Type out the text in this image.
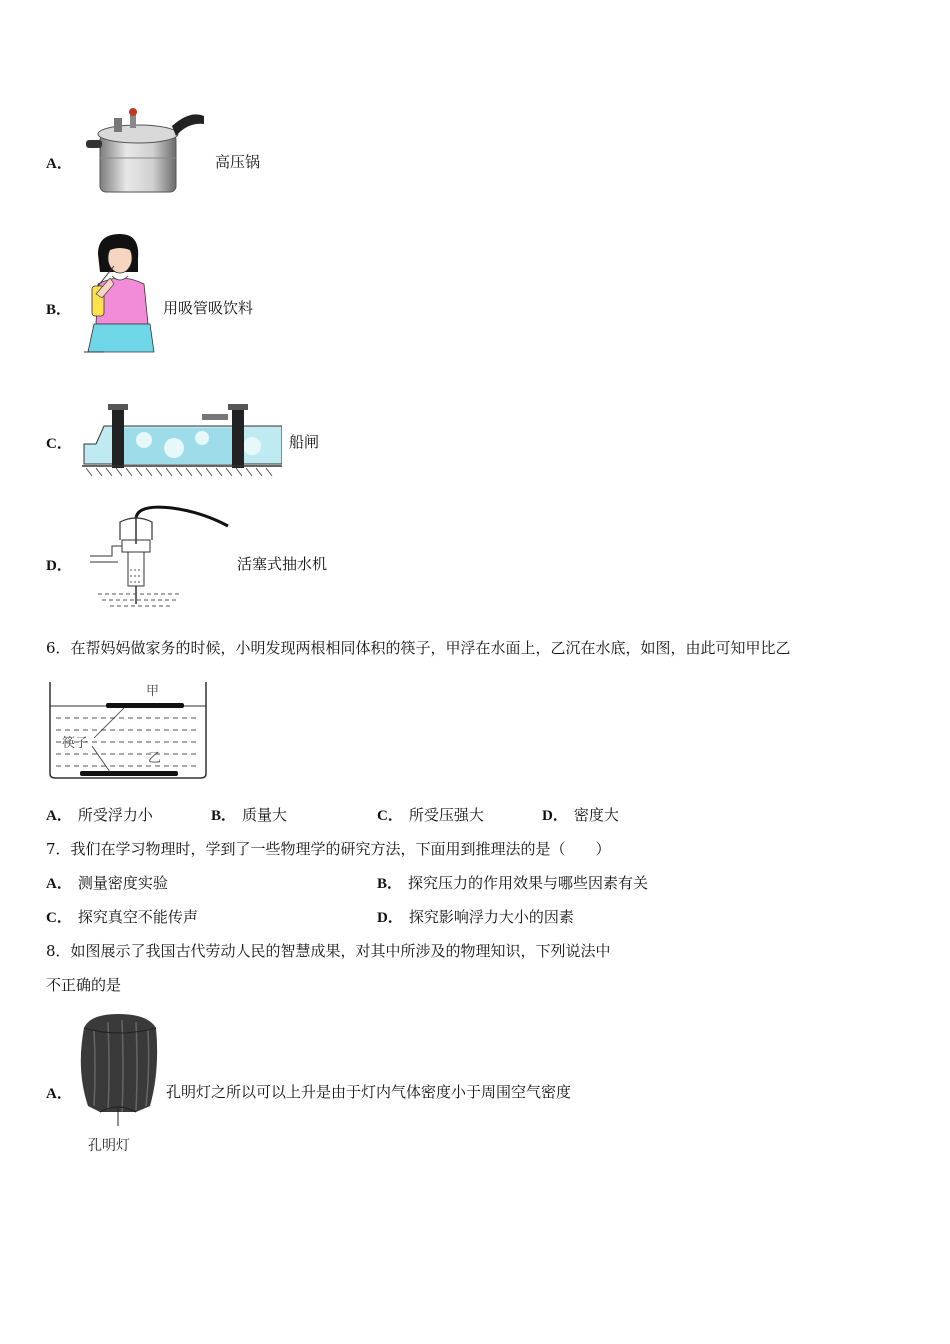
A．	高压锅
B．	用吸管吸饮料
C．	船闸
D．	活塞式抽水机
6．在帮妈妈做家务的时候，小明发现两根相同体积的筷子，甲浮在水面上，乙沉在水底，如图，由此可知甲比乙
甲
筷子
乙
A． 所受浮力小	B． 质量大	C． 所受压强大	D． 密度大
7．我们在学习物理时，学到了一些物理学的研究方法，下面用到推理法的是（　　）
A． 测量密度实验	B． 探究压力的作用效果与哪些因素有关
C． 探究真空不能传声	D． 探究影响浮力大小的因素
8．如图展示了我国古代劳动人民的智慧成果，对其中所涉及的物理知识，下列说法中
不正确的是
A．
孔明灯
孔明灯之所以可以上升是由于灯内气体密度小于周围空气密度
